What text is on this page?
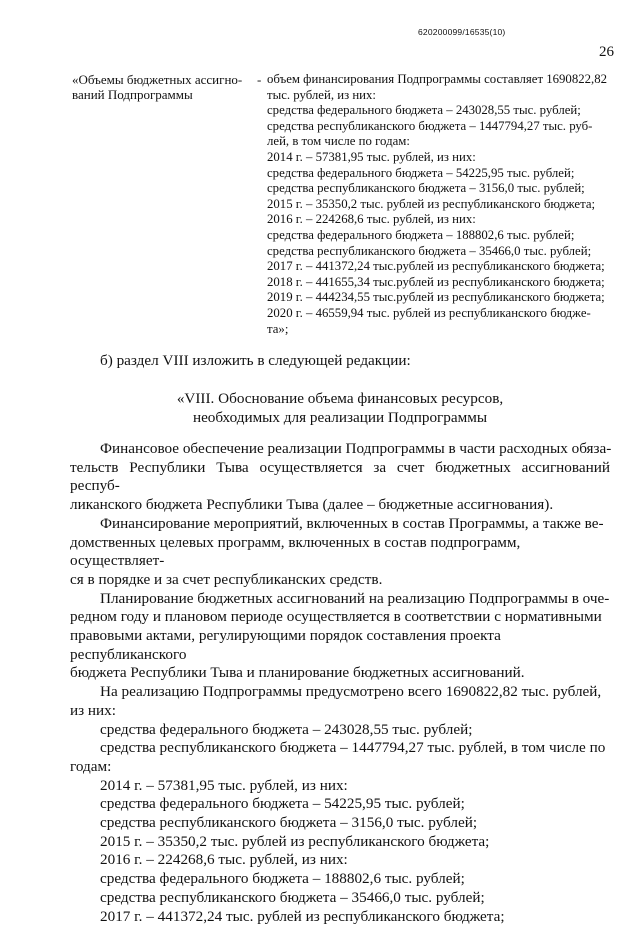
620200099/16535(10)
26
«Объемы бюджетных ассигно-
ваний Подпрограммы
- объем финансирования Подпрограммы составляет 1690822,82
тыс. рублей, из них:
средства федерального бюджета – 243028,55 тыс. рублей;
средства республиканского бюджета – 1447794,27 тыс. руб-
лей, в том числе по годам:
2014 г. – 57381,95 тыс. рублей, из них:
средства федерального бюджета – 54225,95 тыс. рублей;
средства республиканского бюджета – 3156,0 тыс. рублей;
2015 г. – 35350,2 тыс. рублей из республиканского бюджета;
2016 г. – 224268,6 тыс. рублей, из них:
средства федерального бюджета – 188802,6 тыс. рублей;
средства республиканского бюджета – 35466,0 тыс. рублей;
2017 г. – 441372,24 тыс.рублей из республиканского бюджета;
2018 г. – 441655,34 тыс.рублей из республиканского бюджета;
2019 г. – 444234,55 тыс.рублей из республиканского бюджета;
2020 г. – 46559,94 тыс. рублей из республиканского бюдже-
та»;
б) раздел VIII изложить в следующей редакции:
«VIII. Обоснование объема финансовых ресурсов,
необходимых для реализации Подпрограммы
Финансовое обеспечение реализации Подпрограммы в части расходных обяза-
тельств Республики Тыва осуществляется за счет бюджетных ассигнований респуб-
ликанского бюджета Республики Тыва (далее – бюджетные ассигнования).
Финансирование мероприятий, включенных в состав Программы, а также ве-
домственных целевых программ, включенных в состав подпрограмм, осуществляет-
ся в порядке и за счет республиканских средств.
Планирование бюджетных ассигнований на реализацию Подпрограммы в оче-
редном году и плановом периоде осуществляется в соответствии с нормативными
правовыми актами, регулирующими порядок составления проекта республиканского
бюджета Республики Тыва и планирование бюджетных ассигнований.
На реализацию Подпрограммы предусмотрено всего 1690822,82 тыс. рублей,
из них:
средства федерального бюджета – 243028,55 тыс. рублей;
средства республиканского бюджета – 1447794,27 тыс. рублей, в том числе по
годам:
2014 г. – 57381,95 тыс. рублей, из них:
средства федерального бюджета – 54225,95 тыс. рублей;
средства республиканского бюджета – 3156,0 тыс. рублей;
2015 г. – 35350,2 тыс. рублей из республиканского бюджета;
2016 г. – 224268,6 тыс. рублей, из них:
средства федерального бюджета – 188802,6 тыс. рублей;
средства республиканского бюджета – 35466,0 тыс. рублей;
2017 г. – 441372,24 тыс. рублей из республиканского бюджета;
